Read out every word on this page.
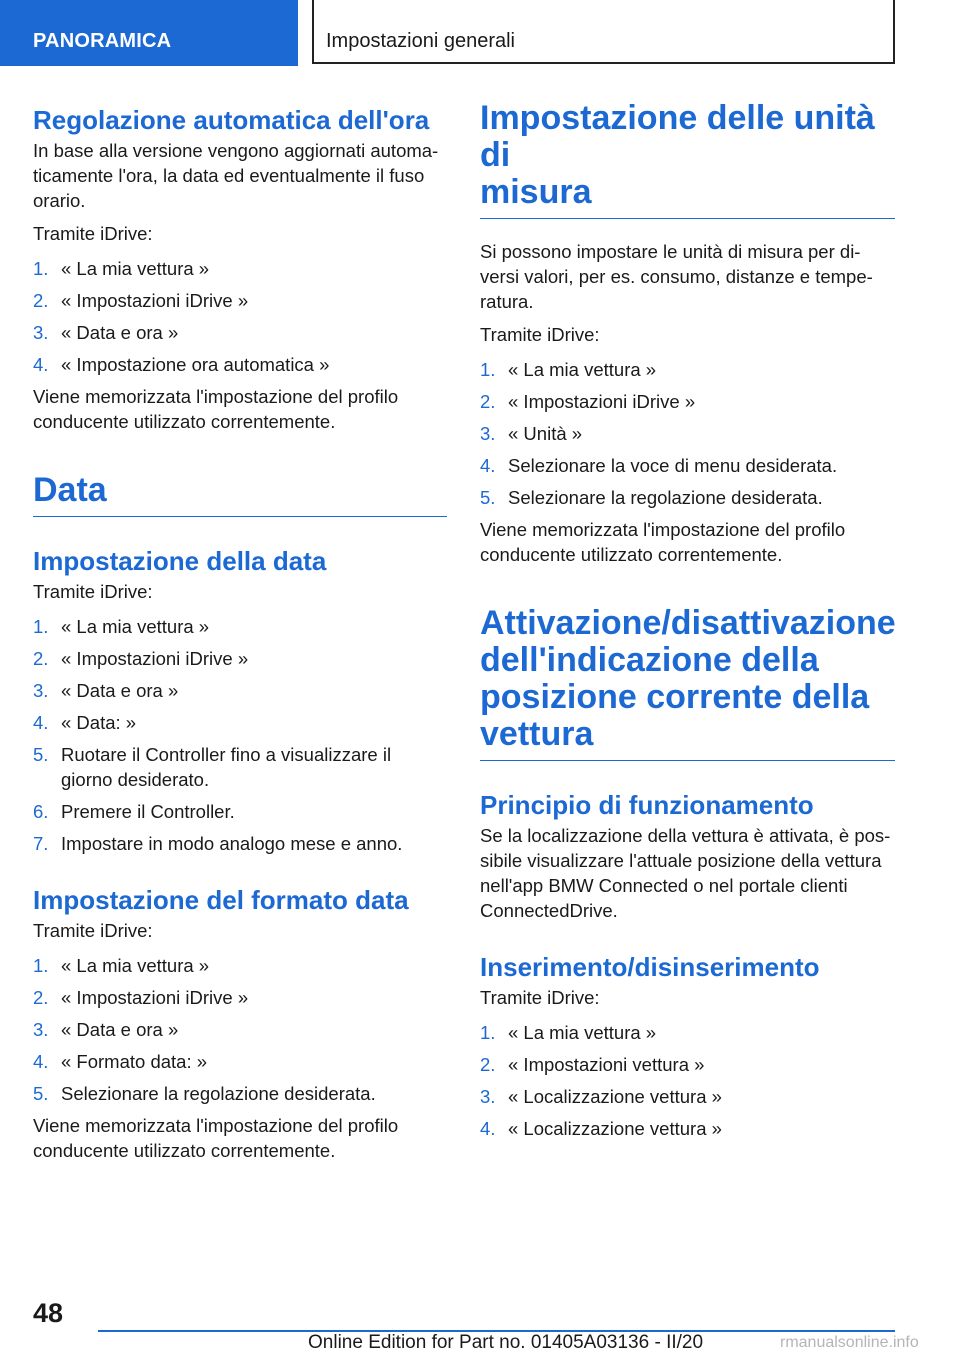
PANORAMICA	Impostazioni generali
Regolazione automatica dell'ora
In base alla versione vengono aggiornati automa-
ticamente l'ora, la data ed eventualmente il fuso
orario.
Tramite iDrive:
1. « La mia vettura »
2. « Impostazioni iDrive »
3. « Data e ora »
4. « Impostazione ora automatica »
Viene memorizzata l'impostazione del profilo
conducente utilizzato correntemente.
Data
Impostazione della data
Tramite iDrive:
1. « La mia vettura »
2. « Impostazioni iDrive »
3. « Data e ora »
4. « Data: »
5. Ruotare il Controller fino a visualizzare il
giorno desiderato.
6. Premere il Controller.
7. Impostare in modo analogo mese e anno.
Impostazione del formato data
Tramite iDrive:
1. « La mia vettura »
2. « Impostazioni iDrive »
3. « Data e ora »
4. « Formato data: »
5. Selezionare la regolazione desiderata.
Viene memorizzata l'impostazione del profilo
conducente utilizzato correntemente.
Impostazione delle unità di
misura
Si possono impostare le unità di misura per di-
versi valori, per es. consumo, distanze e tempe-
ratura.
Tramite iDrive:
1. « La mia vettura »
2. « Impostazioni iDrive »
3. « Unità »
4. Selezionare la voce di menu desiderata.
5. Selezionare la regolazione desiderata.
Viene memorizzata l'impostazione del profilo
conducente utilizzato correntemente.
Attivazione/disattivazione
dell'indicazione della
posizione corrente della
vettura
Principio di funzionamento
Se la localizzazione della vettura è attivata, è pos-
sibile visualizzare l'attuale posizione della vettura
nell'app BMW Connected o nel portale clienti
ConnectedDrive.
Inserimento/disinserimento
Tramite iDrive:
1. « La mia vettura »
2. « Impostazioni vettura »
3. « Localizzazione vettura »
4. « Localizzazione vettura »
48
Online Edition for Part no. 01405A03136 - II/20	rmanualsonline.info
